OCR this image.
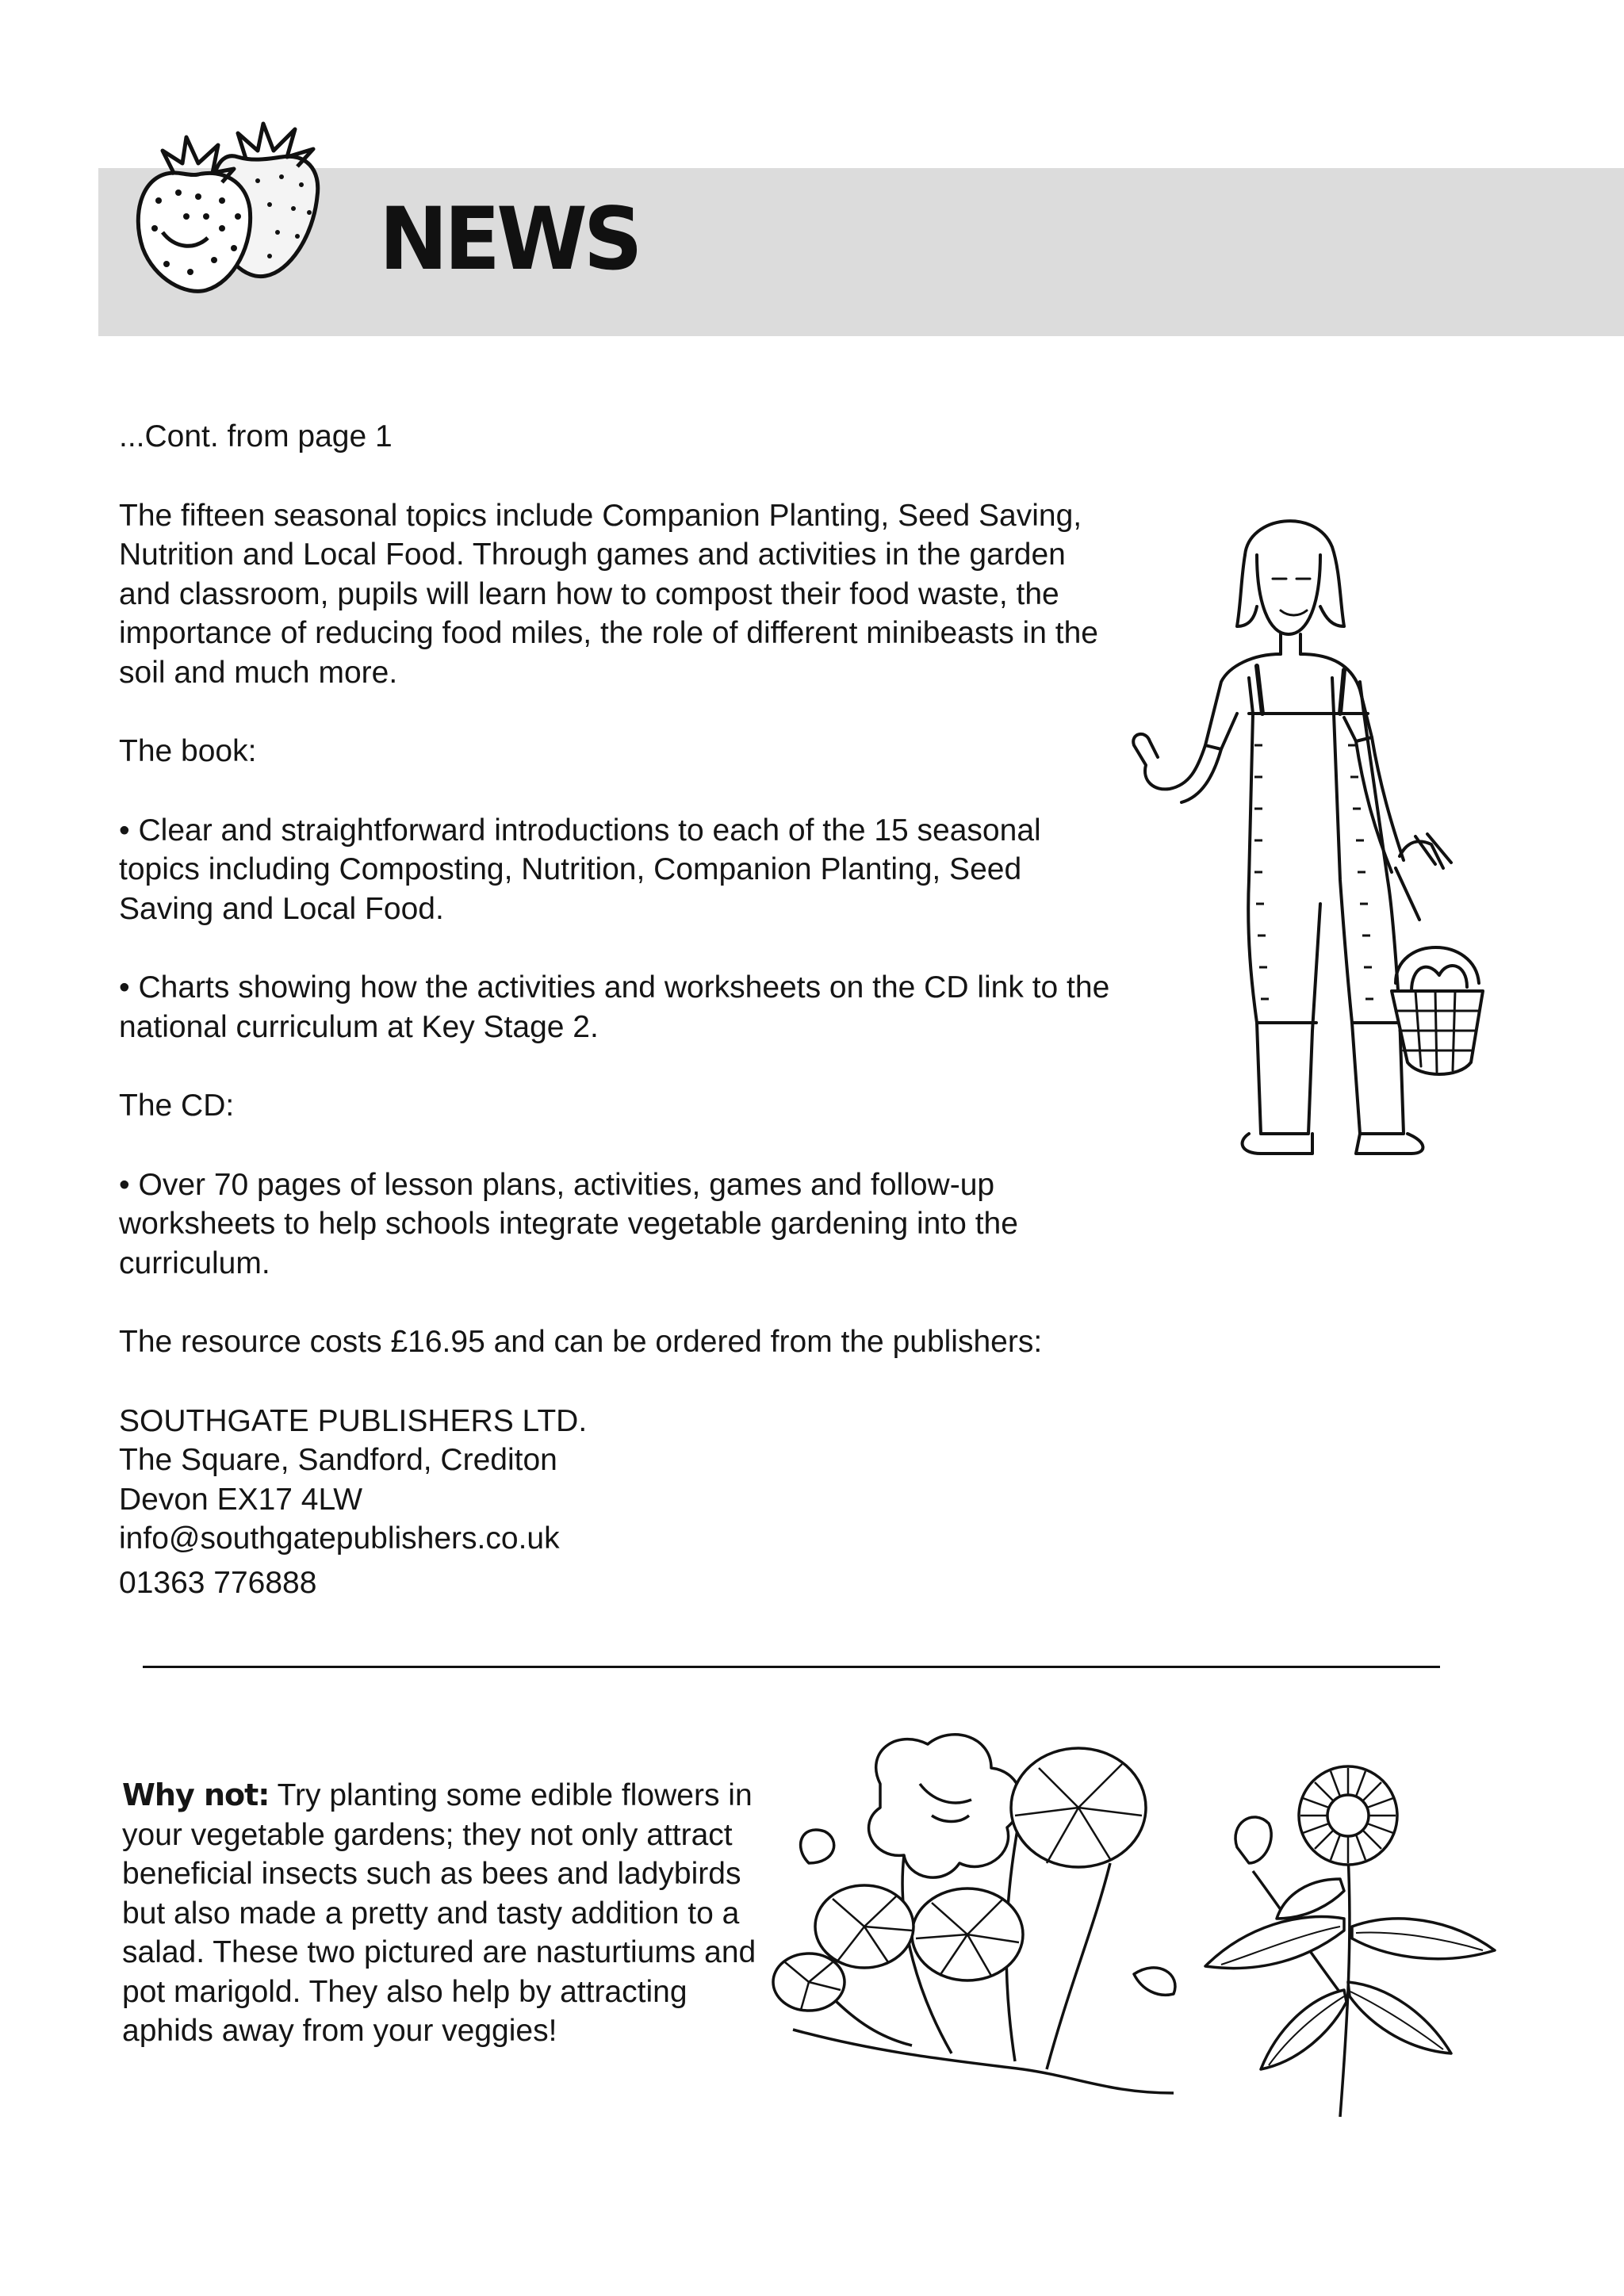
NEWS

...Cont. from page 1

The fifteen seasonal topics include Companion Planting, Seed Saving, Nutrition and Local Food. Through games and activities in the garden and classroom, pupils will learn how to compost their food waste, the importance of reducing food miles, the role of different minibeasts in the soil and much more.

The book:

• Clear and straightforward introductions to each of the 15 seasonal topics including Composting, Nutrition, Companion Planting, Seed Saving and Local Food.

• Charts showing how the activities and worksheets on the CD link to the national curriculum at Key Stage 2.

The CD:

• Over 70 pages of lesson plans, activities, games and follow-up worksheets to help schools integrate vegetable gardening into the curriculum.

The resource costs £16.95 and can be ordered from the publishers:

SOUTHGATE PUBLISHERS LTD.

The Square, Sandford, Crediton

Devon EX17 4LW

info@southgatepublishers.co.uk

01363 776888

Why not: Try planting some edible flowers in your vegetable gardens; they not only attract beneficial insects such as bees and ladybirds but also made a pretty and tasty addition to a salad. These two pictured are nasturtiums and pot marigold. They also help by attracting aphids away from your veggies!
